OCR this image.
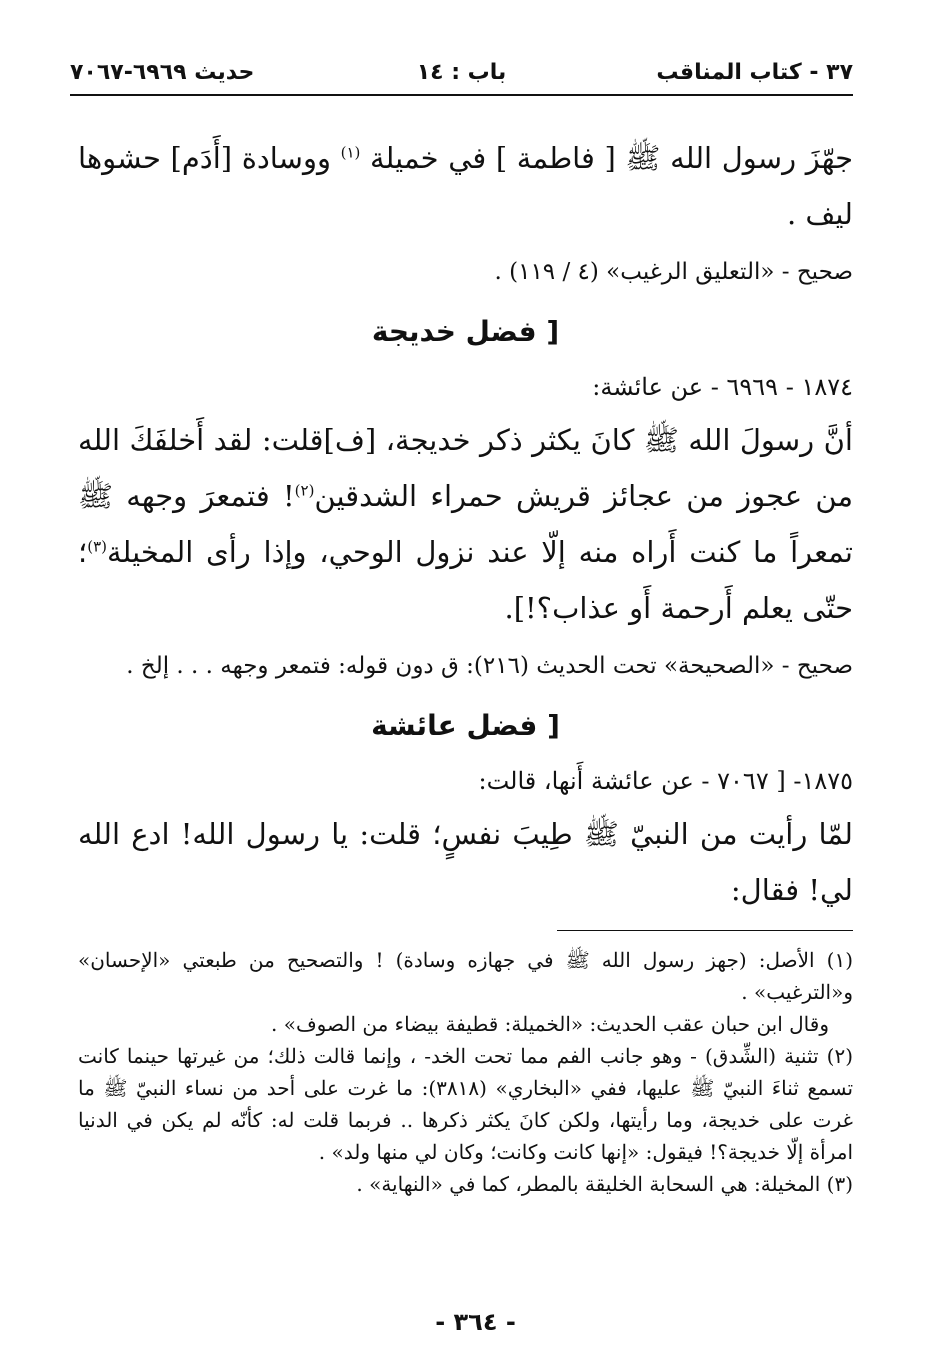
٣٧ - كتاب المناقب
باب : ١٤
حديث ٦٩٦٩-٧٠٦٧

جهّزَ رسول الله ﷺ [ فاطمة ] في خميلة $^{(١)}$ ووسادة [أَدَم] حشوها ليف .

صحيح - «التعليق الرغيب» (٤ / ١١٩) .

[ فضل خديجة

١٨٧٤ - ٦٩٦٩ - عن عائشة:

أنَّ رسولَ الله ﷺ كانَ يكثر ذكر خديجة، [ف]قلت: لقد أَخلفَكَ الله من عجوز من عجائز قريش حمراء الشدقين$^{(٢)}$! فتمعرَ وجهه ﷺ تمعراً ما كنت أَراه منه إلّا عند نزول الوحي، وإذا رأى المخيلة$^{(٣)}$؛ حتّى يعلم أَرحمة أَو عذاب؟!].

صحيح - «الصحيحة» تحت الحديث (٢١٦): ق دون قوله: فتمعر وجهه . . . إلخ .

[ فضل عائشة

١٨٧٥- [ ٧٠٦٧ - عن عائشة أَنها، قالت:

لمّا رأيت من النبيّ ﷺ طِيبَ نفسٍ؛ قلت: يا رسول الله! ادع الله لي! فقال:

(١) الأصل: (جهز رسول الله ﷺ في جهازه وسادة) ! والتصحيح من طبعتي «الإحسان» و«الترغيب» .

وقال ابن حبان عقب الحديث: «الخميلة: قطيفة بيضاء من الصوف» .

(٢) تثنية (الشِّدق) - وهو جانب الفم مما تحت الخد- ، وإنما قالت ذلك؛ من غيرتها حينما كانت تسمع ثناءَ النبيّ ﷺ عليها، ففي «البخاري» (٣٨١٨): ما غرت على أحد من نساء النبيّ ﷺ ما غرت على خديجة، وما رأيتها، ولكن كانَ يكثر ذكرها .. فربما قلت له: كأنّه لم يكن في الدنيا امرأة إلّا خديجة؟! فيقول: «إنها كانت وكانت؛ وكان لي منها ولد» .

(٣) المخيلة: هي السحابة الخليقة بالمطر، كما في «النهاية» .

- ٣٦٤ -
